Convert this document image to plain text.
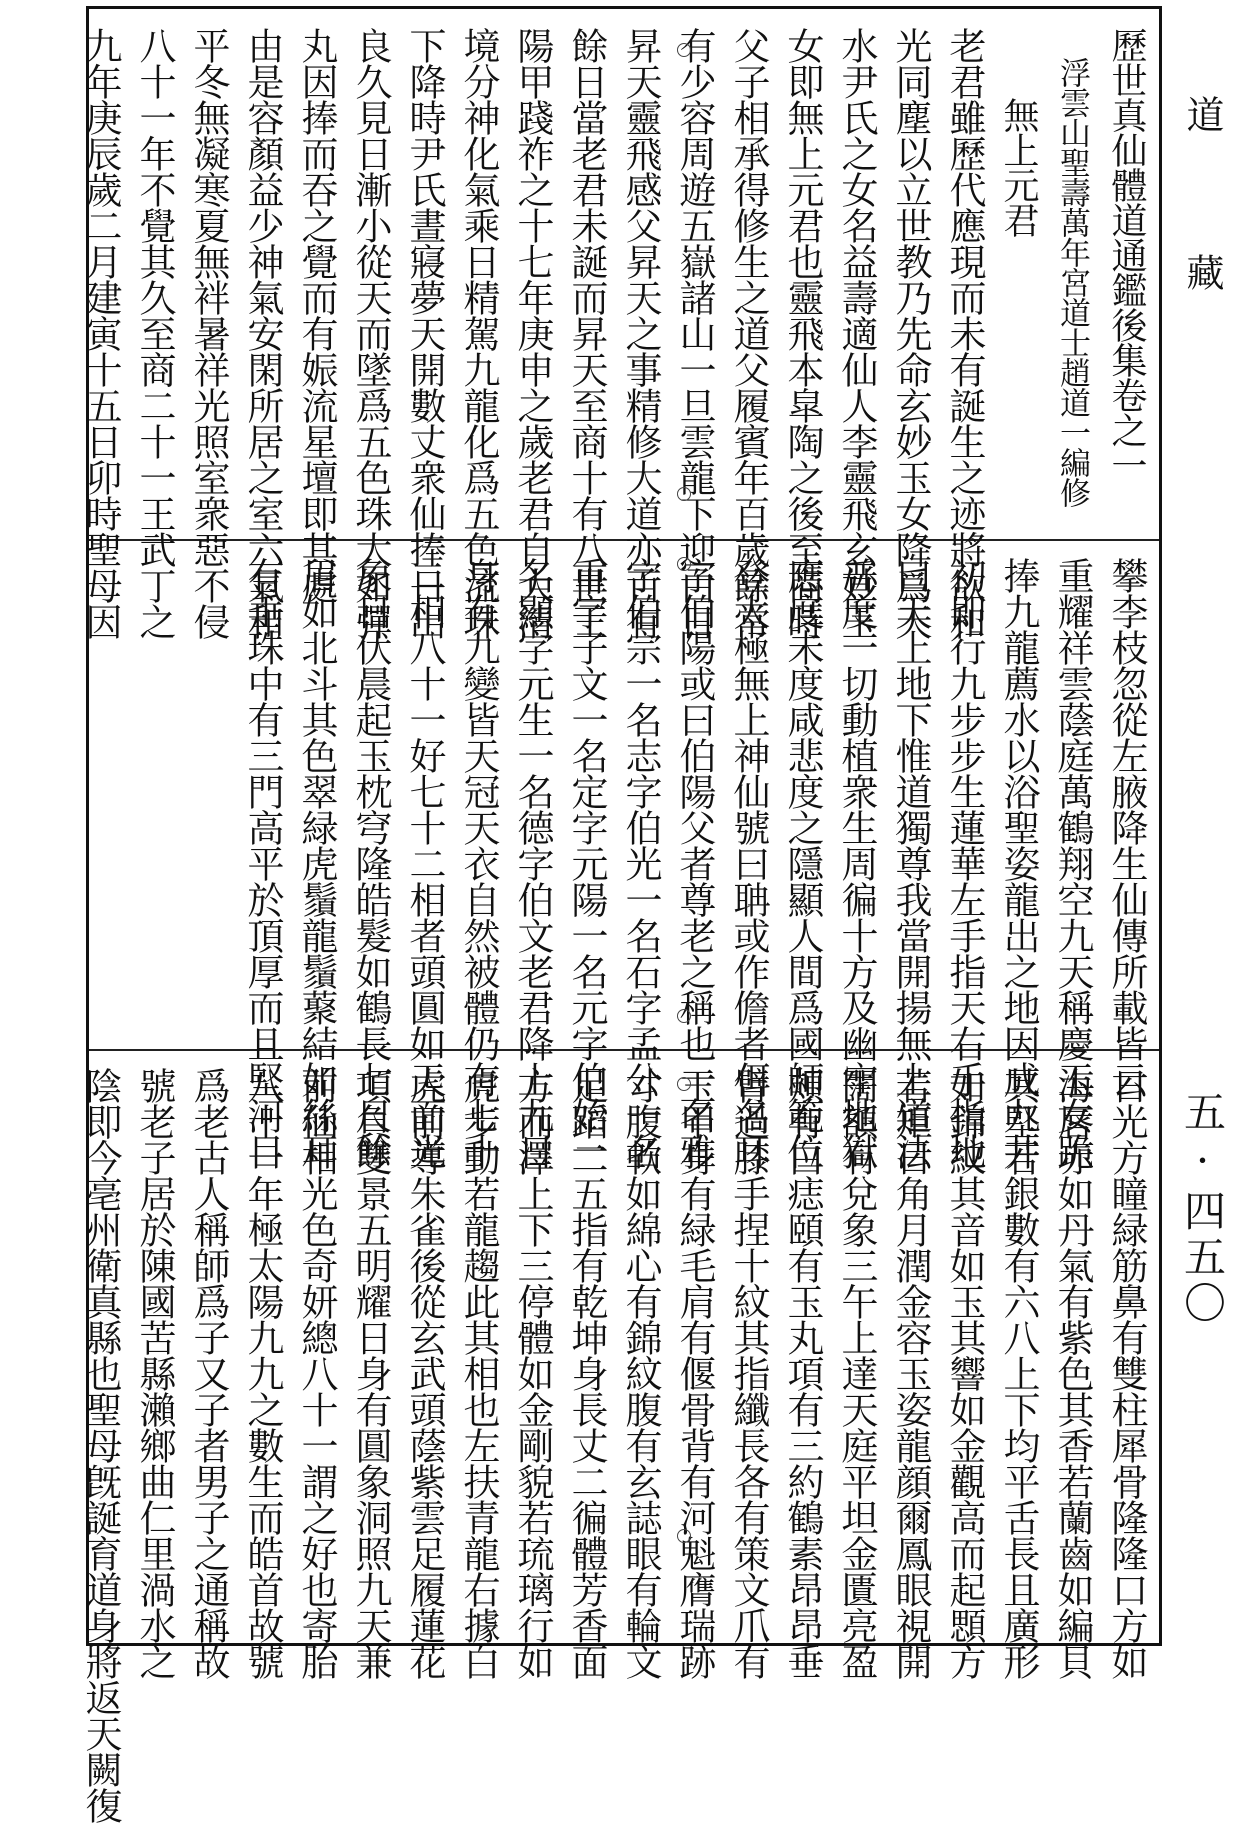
歷世真仙體道通鑑後集卷之一
　浮雲山聖壽萬年宮道士趙道一編修
　　無上元君
老君雖歷代應現而未有誕生之迹將欲和
光同塵以立世教乃先命玄妙玉女降爲天
水尹氏之女名益壽適仙人李靈飛玄妙玉
女即無上元君也靈飛本皐陶之後至商時
父子相承得修生之道父履賓年百歲餘常
有少容周遊五嶽諸山一旦雲龍下迎白日
昇天靈飛感父昇天之事精修大道亦百有
餘日當老君未誕而昇天至商十有八世王
陽甲踐祚之十七年庚申之歲老君自大清
境分神化氣乘日精駕九龍化爲五色流珠
下降時尹氏晝寢夢天開數丈衆仙捧日出
良久見日漸小從天而墜爲五色珠大如彈
丸因捧而吞之覺而有娠流星壇即其處
由是容顏益少神氣安閑所居之室六氣和
平冬無凝寒夏無袢暑祥光照室衆惡不侵
八十一年不覺其久至商二十一王武丁之
九年庚辰歲二月建寅十五日卯時聖母因
攀李枝忽從左腋降生仙傳所載皆云
重耀祥雲蔭庭萬鶴翔空九天稱慶玉女跪
捧九龍薦水以浴聖姿龍出之地因成九井
初即行九步步生蓮華左手指天右手指地
曰天上地下惟道獨尊我當開揚無上道法
普度一切動植衆生周徧十方及幽牢地獄
應度未度咸悲度之隱顯人間爲國師範位
登太極無上神仙號曰聃或作儋者佴名耳
字伯陽或曰伯陽父者尊老之稱也一名雅
字伯宗一名志字伯光一名石字孟公一名
重字子文一名定字元陽一名元字伯始一
名顯字元生一名德字伯文老君降上九日
身有九變皆天冠天衣自然被體仍有七十
二相八十一好七十二相者頭圓如天面光
象日伏晨起玉枕穹隆皓髮如鶴長七尺餘
眉如北斗其色翠緑虎鬚龍鬚藂結如絲耳
有垂珠中有三門高平於頂厚而且堅河目
日光方瞳緑筋鼻有雙柱犀骨隆隆口方如
海唇赤如丹氣有紫色其香若蘭齒如編貝
其堅若銀數有六八上下均平舌長且廣形
如錦紋其音如玉其響如金觀高而起顋方
若矩日角月潤金容玉姿龍顔爾鳳眼視開
闊額有兌象三午上達天庭平坦金匱亮盈
頰有白痣頤有玉丸項有三約鶴素昂昂垂
臂過膝手捏十紋其指纖長各有策文爪有
玉甲身有緑毛肩有偃骨背有河魁膺瑞跡
寸腹軟如綿心有錦紋腹有玄誌眼有輪文
足蹈二五指有乾坤身長丈二徧體芳香面
方而澤上下三停體如金剛貌若琉璃行如
虎步動若龍趨此其相也左扶青龍右據白
虎前導朱雀後從玄武頭蔭紫雲足履蓮花
項負雙景五明耀日身有圓象洞照九天兼
前仙相光色奇妍總八十一謂之好也寄胎
八十一年極太陽九九之數生而皓首故號
爲老古人稱師爲子又子者男子之通稱故
號老子居於陳國苦縣瀨鄉曲仁里渦水之
陰即今亳州衛真縣也聖母旣誕育道身將返天闕復
道藏
五·四五〇
